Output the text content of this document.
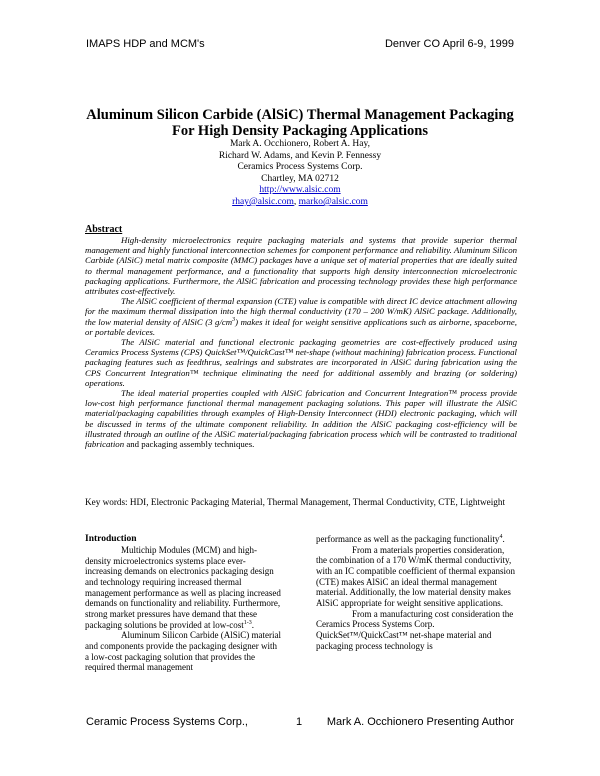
IMAPS HDP and MCM's	Denver CO April 6-9, 1999
Aluminum Silicon Carbide (AlSiC) Thermal Management Packaging
For High Density Packaging Applications
Mark A. Occhionero, Robert A. Hay,
Richard W. Adams, and Kevin P. Fennessy
Ceramics Process Systems Corp.
Chartley, MA 02712
http://www.alsic.com
rhay@alsic.com, marko@alsic.com
Abstract

High-density microelectronics require packaging materials and systems that provide superior thermal management and highly functional interconnection schemes for component performance and reliability. Aluminum Silicon Carbide (AlSiC) metal matrix composite (MMC) packages have a unique set of material properties that are ideally suited to thermal management performance, and a functionality that supports high density interconnection microelectronic packaging applications. Furthermore, the AlSiC fabrication and processing technology provides these high performance attributes cost-effectively.

The AlSiC coefficient of thermal expansion (CTE) value is compatible with direct IC device attachment allowing for the maximum thermal dissipation into the high thermal conductivity (170 – 200 W/mK) AlSiC package. Additionally, the low material density of AlSiC (3 $g/cm^3$) makes it ideal for weight sensitive applications such as airborne, spaceborne, or portable devices.

The AlSiC material and functional electronic packaging geometries are cost-effectively produced using Ceramics Process Systems (CPS) QuickSet™/QuickCast™ net-shape (without machining) fabrication process. Functional packaging features such as feedthrus, sealrings and substrates are incorporated in AlSiC during fabrication using the CPS Concurrent Integration™ technique eliminating the need for additional assembly and brazing (or soldering) operations.

The ideal material properties coupled with AlSiC fabrication and Concurrent Integration™ process provide low-cost high performance functional thermal management packaging solutions. This paper will illustrate the AlSiC material/packaging capabilities through examples of High-Density Interconnect (HDI) electronic packaging, which will be discussed in terms of the ultimate component reliability. In addition the AlSiC packaging cost-efficiency will be illustrated through an outline of the AlSiC material/packaging fabrication process which will be contrasted to traditional fabrication and packaging assembly techniques.

Key words: HDI, Electronic Packaging Material, Thermal Management, Thermal Conductivity, CTE, Lightweight

Introduction

Multichip Modules (MCM) and high-density microelectronics systems place ever-increasing demands on electronics packaging design and technology requiring increased thermal management performance as well as placing increased demands on functionality and reliability. Furthermore, strong market pressures have demand that these packaging solutions be provided at low-cost$^{1-3}$.

Aluminum Silicon Carbide (AlSiC) material and components provide the packaging designer with a low-cost packaging solution that provides the required thermal management

performance as well as the packaging functionality$^4$.

From a materials properties consideration, the combination of a 170 W/mK thermal conductivity, with an IC compatible coefficient of thermal expansion (CTE) makes AlSiC an ideal thermal management material. Additionally, the low material density makes AlSiC appropriate for weight sensitive applications.

From a manufacturing cost consideration the Ceramics Process Systems Corp. QuickSet™/QuickCast™ net-shape material and packaging process technology is

Ceramic Process Systems Corp.,	1 Mark A. Occhionero Presenting Author
